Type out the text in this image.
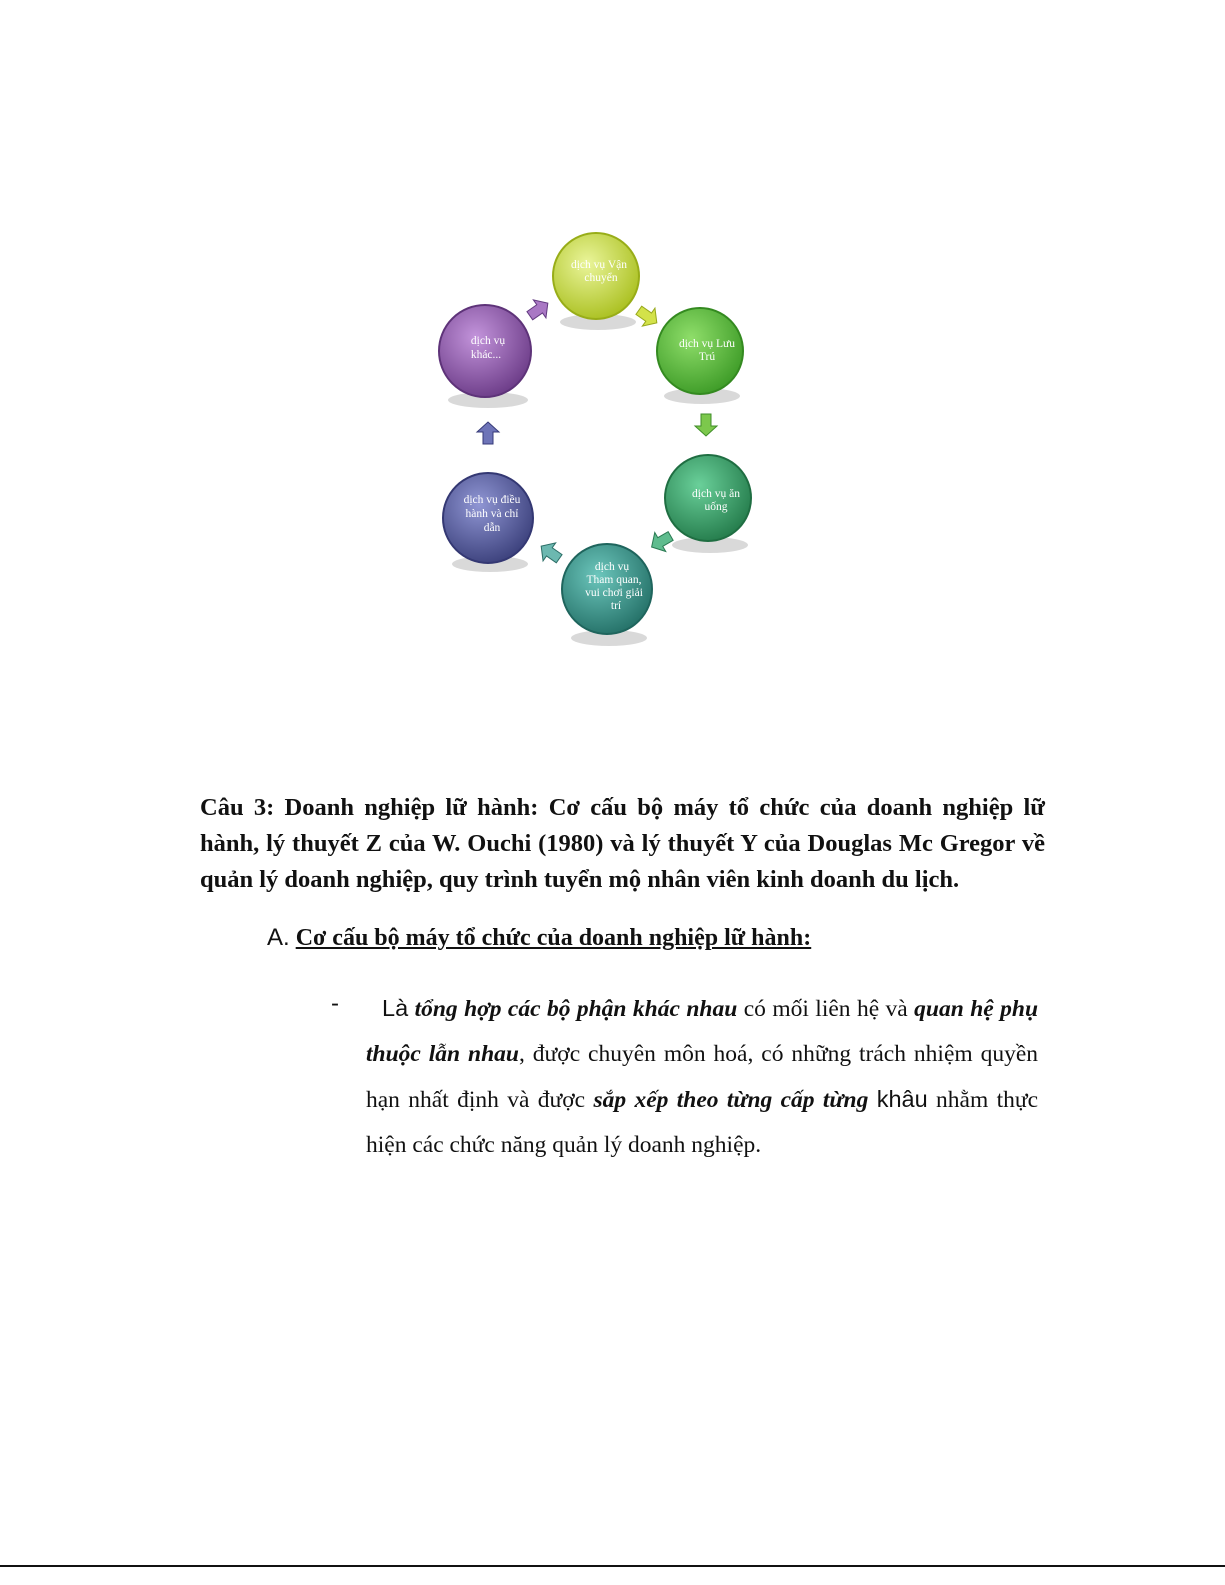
dịch vụ Vận chuyển
dịch vụ Lưu Trú
dịch vụ ăn uống
dịch vụ Tham quan, vui chơi giải trí
dịch vụ điều hành và chỉ dẫn
dịch vụ khác...
Câu 3: Doanh nghiệp lữ hành: Cơ cấu bộ máy tổ chức của doanh nghiệp lữ hành, lý thuyết Z của W. Ouchi (1980) và lý thuyết Y của Douglas Mc Gregor về quản lý doanh nghiệp, quy trình tuyển mộ nhân viên kinh doanh du lịch.
A. Cơ cấu bộ máy tổ chức của doanh nghiệp lữ hành:
-	Là tổng hợp các bộ phận khác nhau có mối liên hệ và quan hệ phụ thuộc lẫn nhau, được chuyên môn hoá, có những trách nhiệm quyền hạn nhất định và được sắp xếp theo từng cấp từng khâu nhằm thực hiện các chức năng quản lý doanh nghiệp.
